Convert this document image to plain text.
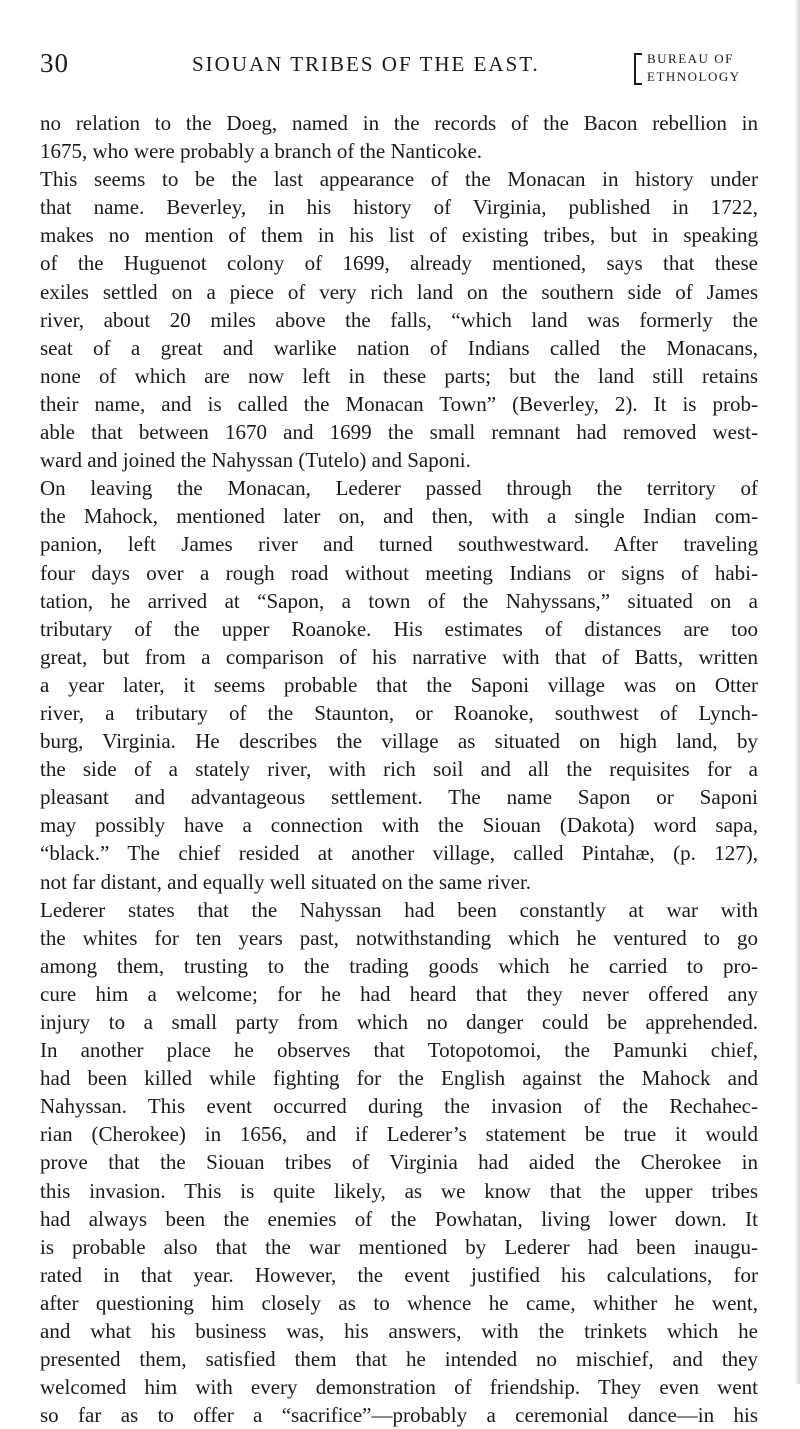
30	SIOUAN TRIBES OF THE EAST.	BUREAU OF
ETHNOLOGY
no relation to the Doeg, named in the records of the Bacon rebellion in
1675, who were probably a branch of the Nanticoke.
This seems to be the last appearance of the Monacan in history under
that name. Beverley, in his history of Virginia, published in 1722,
makes no mention of them in his list of existing tribes, but in speaking
of the Huguenot colony of 1699, already mentioned, says that these
exiles settled on a piece of very rich land on the southern side of James
river, about 20 miles above the falls, “which land was formerly the
seat of a great and warlike nation of Indians called the Monacans,
none of which are now left in these parts; but the land still retains
their name, and is called the Monacan Town” (Beverley, 2). It is prob-
able that between 1670 and 1699 the small remnant had removed west-
ward and joined the Nahyssan (Tutelo) and Saponi.
On leaving the Monacan, Lederer passed through the territory of
the Mahock, mentioned later on, and then, with a single Indian com-
panion, left James river and turned southwestward. After traveling
four days over a rough road without meeting Indians or signs of habi-
tation, he arrived at “Sapon, a town of the Nahyssans,” situated on a
tributary of the upper Roanoke. His estimates of distances are too
great, but from a comparison of his narrative with that of Batts, written
a year later, it seems probable that the Saponi village was on Otter
river, a tributary of the Staunton, or Roanoke, southwest of Lynch-
burg, Virginia. He describes the village as situated on high land, by
the side of a stately river, with rich soil and all the requisites for a
pleasant and advantageous settlement. The name Sapon or Saponi
may possibly have a connection with the Siouan (Dakota) word sapa,
“black.” The chief resided at another village, called Pintahæ, (p. 127),
not far distant, and equally well situated on the same river.
Lederer states that the Nahyssan had been constantly at war with
the whites for ten years past, notwithstanding which he ventured to go
among them, trusting to the trading goods which he carried to pro-
cure him a welcome; for he had heard that they never offered any
injury to a small party from which no danger could be apprehended.
In another place he observes that Totopotomoi, the Pamunki chief,
had been killed while fighting for the English against the Mahock and
Nahyssan. This event occurred during the invasion of the Rechahec-
rian (Cherokee) in 1656, and if Lederer’s statement be true it would
prove that the Siouan tribes of Virginia had aided the Cherokee in
this invasion. This is quite likely, as we know that the upper tribes
had always been the enemies of the Powhatan, living lower down. It
is probable also that the war mentioned by Lederer had been inaugu-
rated in that year. However, the event justified his calculations, for
after questioning him closely as to whence he came, whither he went,
and what his business was, his answers, with the trinkets which he
presented them, satisfied them that he intended no mischief, and they
welcomed him with every demonstration of friendship. They even went
so far as to offer a “sacrifice”—probably a ceremonial dance—in his
